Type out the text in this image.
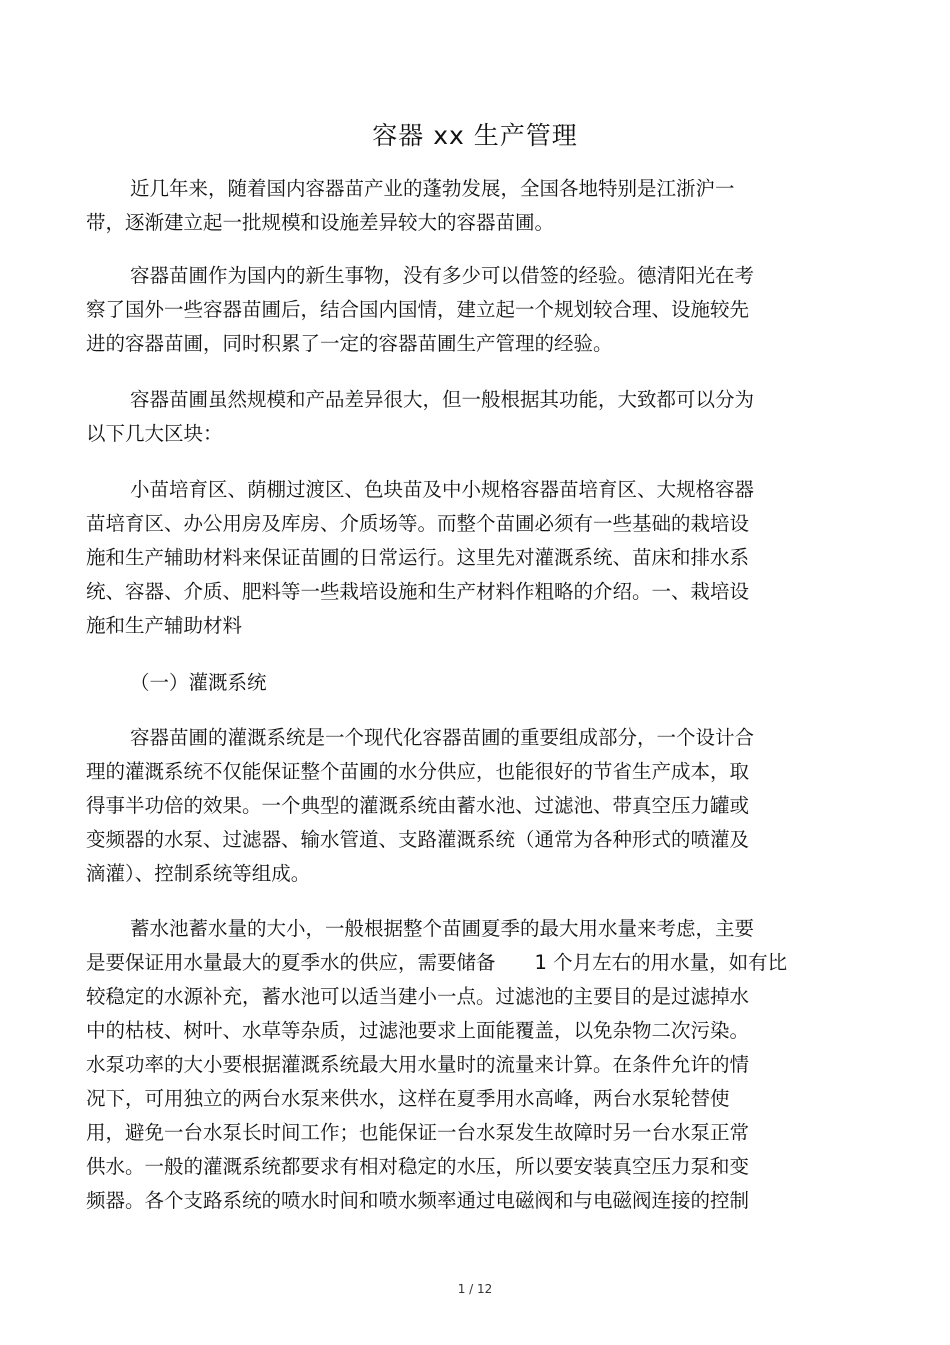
容器 xx 生产管理
近几年来，随着国内容器苗产业的蓬勃发展，全国各地特别是江浙沪一
带，逐渐建立起一批规模和设施差异较大的容器苗圃。
容器苗圃作为国内的新生事物，没有多少可以借签的经验。德清阳光在考
察了国外一些容器苗圃后，结合国内国情，建立起一个规划较合理、设施较先
进的容器苗圃，同时积累了一定的容器苗圃生产管理的经验。
容器苗圃虽然规模和产品差异很大，但一般根据其功能，大致都可以分为
以下几大区块：
小苗培育区、荫棚过渡区、色块苗及中小规格容器苗培育区、大规格容器
苗培育区、办公用房及库房、介质场等。而整个苗圃必须有一些基础的栽培设
施和生产辅助材料来保证苗圃的日常运行。这里先对灌溉系统、苗床和排水系
统、容器、介质、肥料等一些栽培设施和生产材料作粗略的介绍。一、栽培设
施和生产辅助材料
（一）灌溉系统
容器苗圃的灌溉系统是一个现代化容器苗圃的重要组成部分，一个设计合
理的灌溉系统不仅能保证整个苗圃的水分供应，也能很好的节省生产成本，取
得事半功倍的效果。一个典型的灌溉系统由蓄水池、过滤池、带真空压力罐或
变频器的水泵、过滤器、输水管道、支路灌溉系统（通常为各种形式的喷灌及
滴灌）、控制系统等组成。
蓄水池蓄水量的大小，一般根据整个苗圃夏季的最大用水量来考虑，主要
是要保证用水量最大的夏季水的供应，需要储备　　1 个月左右的用水量，如有比
较稳定的水源补充，蓄水池可以适当建小一点。过滤池的主要目的是过滤掉水
中的枯枝、树叶、水草等杂质，过滤池要求上面能覆盖，以免杂物二次污染。
水泵功率的大小要根据灌溉系统最大用水量时的流量来计算。在条件允许的情
况下，可用独立的两台水泵来供水，这样在夏季用水高峰，两台水泵轮替使
用，避免一台水泵长时间工作；也能保证一台水泵发生故障时另一台水泵正常
供水。一般的灌溉系统都要求有相对稳定的水压，所以要安装真空压力泵和变
频器。各个支路系统的喷水时间和喷水频率通过电磁阀和与电磁阀连接的控制
1 / 12
